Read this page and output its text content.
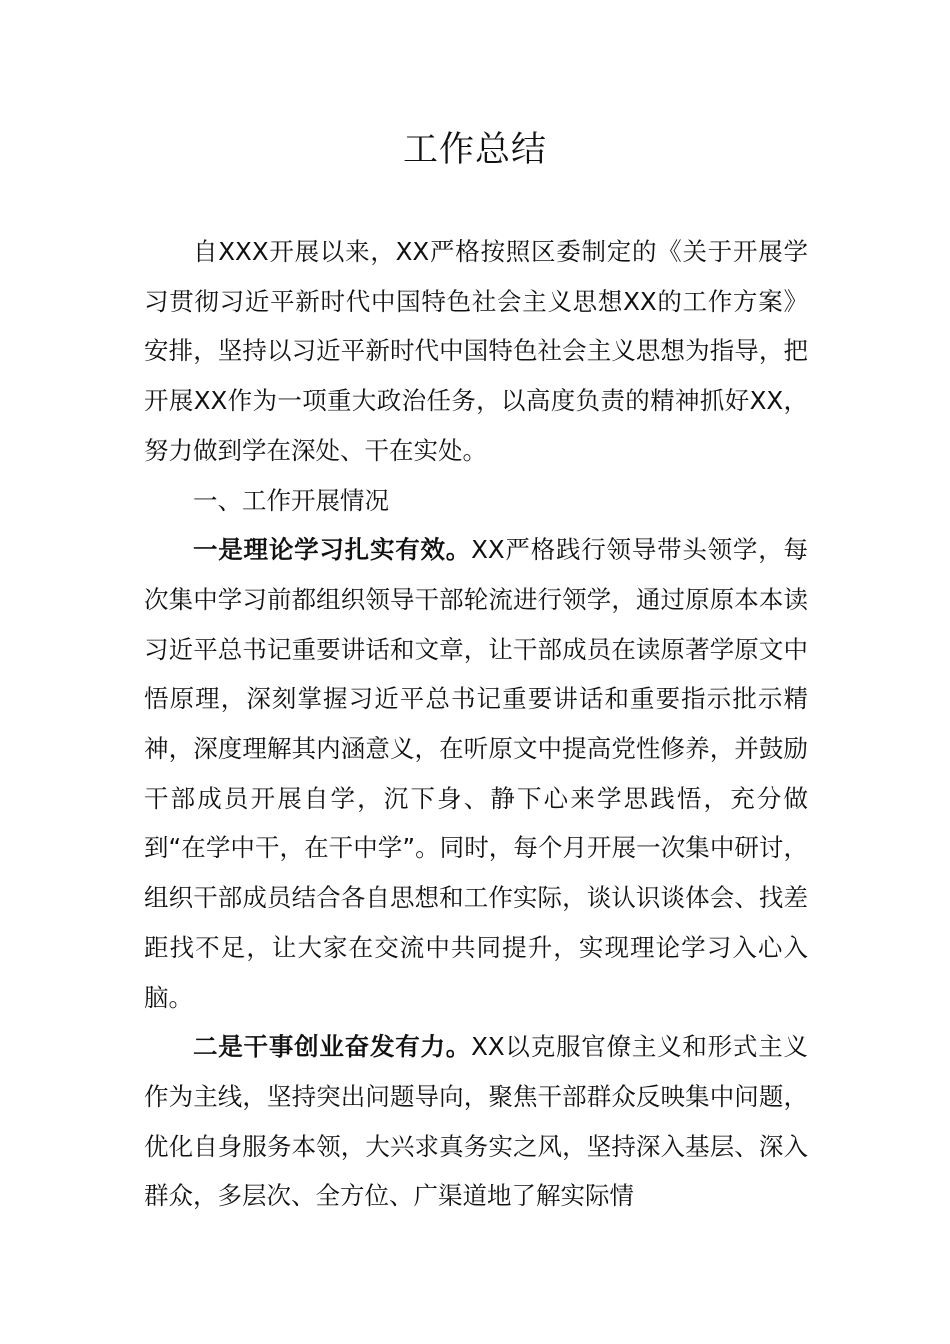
工作总结

自XXX开展以来，XX严格按照区委制定的《关于开展学习贯彻习近平新时代中国特色社会主义思想XX的工作方案》安排，坚持以习近平新时代中国特色社会主义思想为指导，把开展XX作为一项重大政治任务，以高度负责的精神抓好XX，努力做到学在深处、干在实处。

一、工作开展情况

一是理论学习扎实有效。XX严格践行领导带头领学，每次集中学习前都组织领导干部轮流进行领学，通过原原本本读习近平总书记重要讲话和文章，让干部成员在读原著学原文中悟原理，深刻掌握习近平总书记重要讲话和重要指示批示精神，深度理解其内涵意义，在听原文中提高党性修养，并鼓励干部成员开展自学，沉下身、静下心来学思践悟，充分做到“在学中干，在干中学”。同时，每个月开展一次集中研讨，组织干部成员结合各自思想和工作实际，谈认识谈体会、找差距找不足，让大家在交流中共同提升，实现理论学习入心入脑。

二是干事创业奋发有力。XX以克服官僚主义和形式主义作为主线，坚持突出问题导向，聚焦干部群众反映集中问题，优化自身服务本领，大兴求真务实之风，坚持深入基层、深入群众，多层次、全方位、广渠道地了解实际情
